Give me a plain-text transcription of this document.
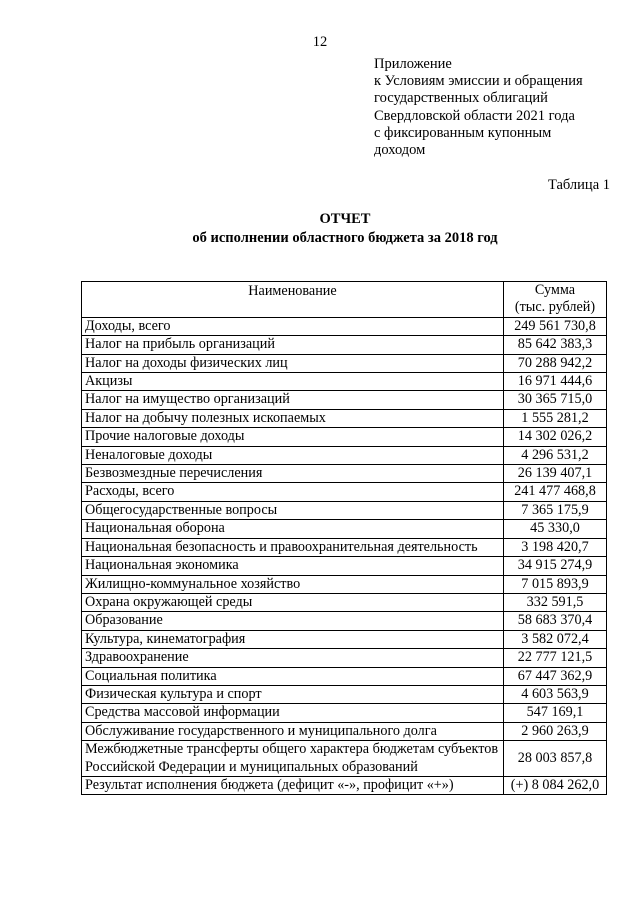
12
Приложение
к Условиям эмиссии и обращения
государственных облигаций
Свердловской области 2021 года
с фиксированным купонным
доходом
Таблица 1
ОТЧЕТ
об исполнении областного бюджета за 2018 год
Наименование	Сумма
(тыс. рублей)

Доходы, всего	249 561 730,8
Налог на прибыль организаций	85 642 383,3
Налог на доходы физических лиц	70 288 942,2
Акцизы	16 971 444,6
Налог на имущество организаций	30 365 715,0
Налог на добычу полезных ископаемых	1 555 281,2
Прочие налоговые доходы	14 302 026,2
Неналоговые доходы	4 296 531,2
Безвозмездные перечисления	26 139 407,1
Расходы, всего	241 477 468,8
Общегосударственные вопросы	7 365 175,9
Национальная оборона	45 330,0
Национальная безопасность и правоохранительная деятельность	3 198 420,7
Национальная экономика	34 915 274,9
Жилищно-коммунальное хозяйство	7 015 893,9
Охрана окружающей среды	332 591,5
Образование	58 683 370,4
Культура, кинематография	3 582 072,4
Здравоохранение	22 777 121,5
Социальная политика	67 447 362,9
Физическая культура и спорт	4 603 563,9
Средства массовой информации	547 169,1
Обслуживание государственного и муниципального долга	2 960 263,9
Межбюджетные трансферты общего характера бюджетам субъектов Российской Федерации и муниципальных образований	28 003 857,8
Результат исполнения бюджета (дефицит «-», профицит «+»)	(+) 8 084 262,0
